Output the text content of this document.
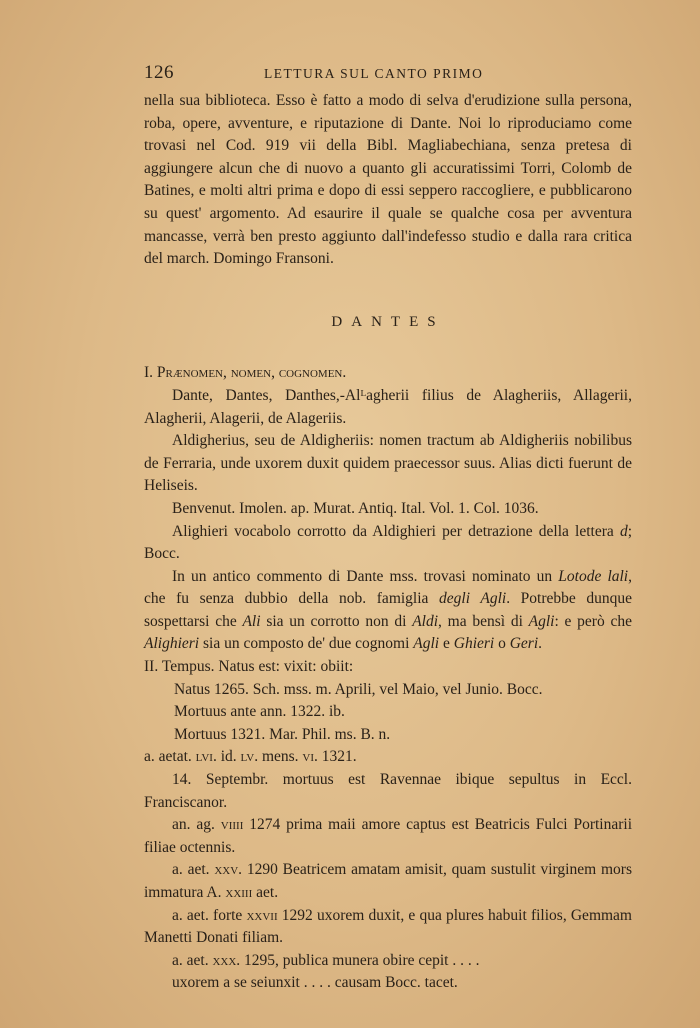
126	LETTURA SUL CANTO PRIMO

nella sua biblioteca. Esso è fatto a modo di selva d'erudizione sulla persona, roba, opere, avventure, e riputazione di Dante. Noi lo riproduciamo come trovasi nel Cod. 919 vii della Bibl. Magliabechiana, senza pretesa di aggiungere alcun che di nuovo a quanto gli accuratissimi Torri, Colomb de Batines, e molti altri prima e dopo di essi seppero raccogliere, e pubblicarono su quest' argomento. Ad esaurire il quale se qualche cosa per avventura mancasse, verrà ben presto aggiunto dall'indefesso studio e dalla rara critica del march. Domingo Fransoni.

DANTES

I. Prænomen, nomen, cognomen.

Dante, Dantes, Danthes,-Alᴸagherii filius de Alagheriis, Allagerii, Alagherii, Alagerii, de Alageriis.

Aldigherius, seu de Aldigheriis: nomen tractum ab Aldigheriis nobilibus de Ferraria, unde uxorem duxit quidem praecessor suus. Alias dicti fuerunt de Heliseis.

Benvenut. Imolen. ap. Murat. Antiq. Ital. Vol. 1. Col. 1036.

Alighieri vocabolo corrotto da Aldighieri per detrazione della lettera d; Bocc.

In un antico commento di Dante mss. trovasi nominato un Lotode lali, che fu senza dubbio della nob. famiglia degli Agli. Potrebbe dunque sospettarsi che Ali sia un corrotto non di Aldi, ma bensì di Agli: e però che Alighieri sia un composto de' due cognomi Agli e Ghieri o Geri.

II. Tempus. Natus est: vixit: obiit:

Natus 1265. Sch. mss. m. Aprili, vel Maio, vel Junio. Bocc.

Mortuus ante ann. 1322. ib.

Mortuus 1321. Mar. Phil. ms. B. n.

a. aetat. lvi. id. lv. mens. vi. 1321.

14. Septembr. mortuus est Ravennae ibique sepultus in Eccl. Franciscanor.

an. ag. viiii 1274 prima maii amore captus est Beatricis Fulci Portinarii filiae octennis.

a. aet. xxv. 1290 Beatricem amatam amisit, quam sustulit virginem mors immatura A. xxiii aet.

a. aet. forte xxvii 1292 uxorem duxit, e qua plures habuit filios, Gemmam Manetti Donati filiam.

a. aet. xxx. 1295, publica munera obire cepit . . . .

uxorem a se seiunxit . . . . causam Bocc. tacet.
